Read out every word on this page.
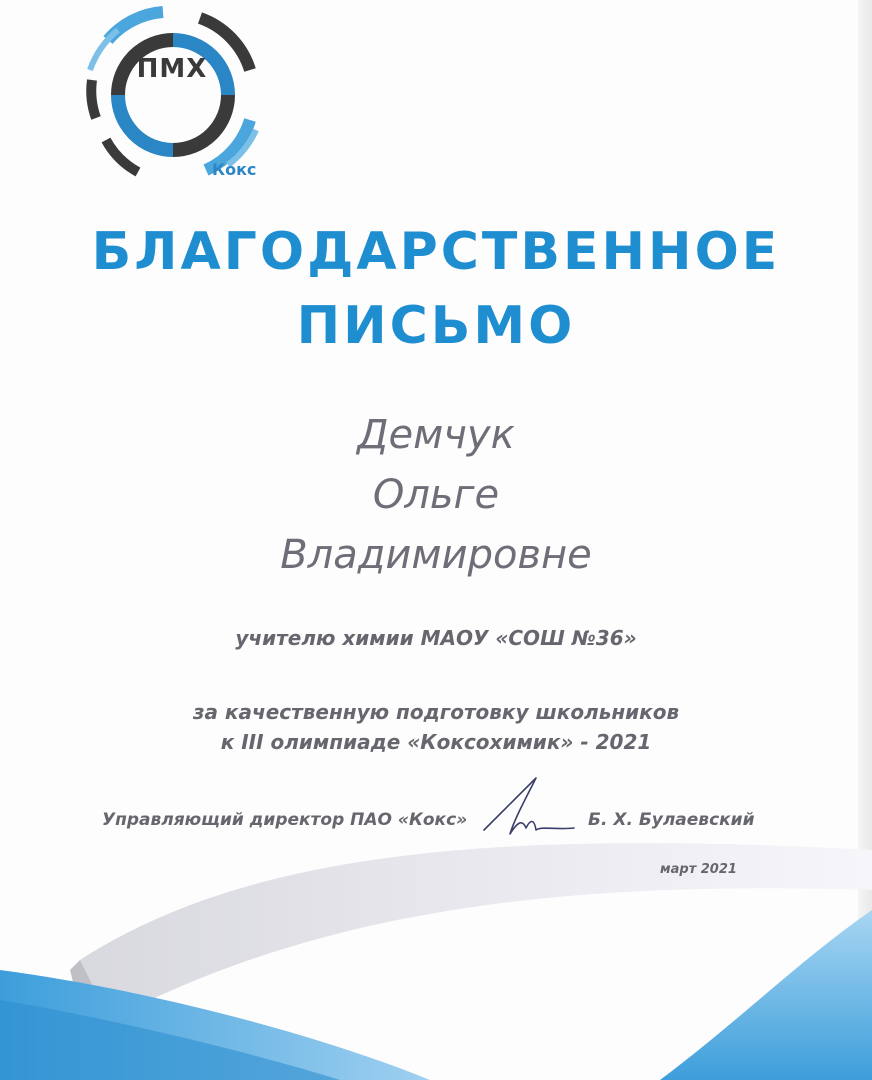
ПМХ
Кокс
БЛАГОДАРСТВЕННОЕ
ПИСЬМО
Демчук
Ольге
Владимировне
учителю химии МАОУ «СОШ №36»
за качественную подготовку школьников
к III олимпиаде «Коксохимик» - 2021
Управляющий директор ПАО «Кокс»	Б. Х. Булаевский
март 2021
